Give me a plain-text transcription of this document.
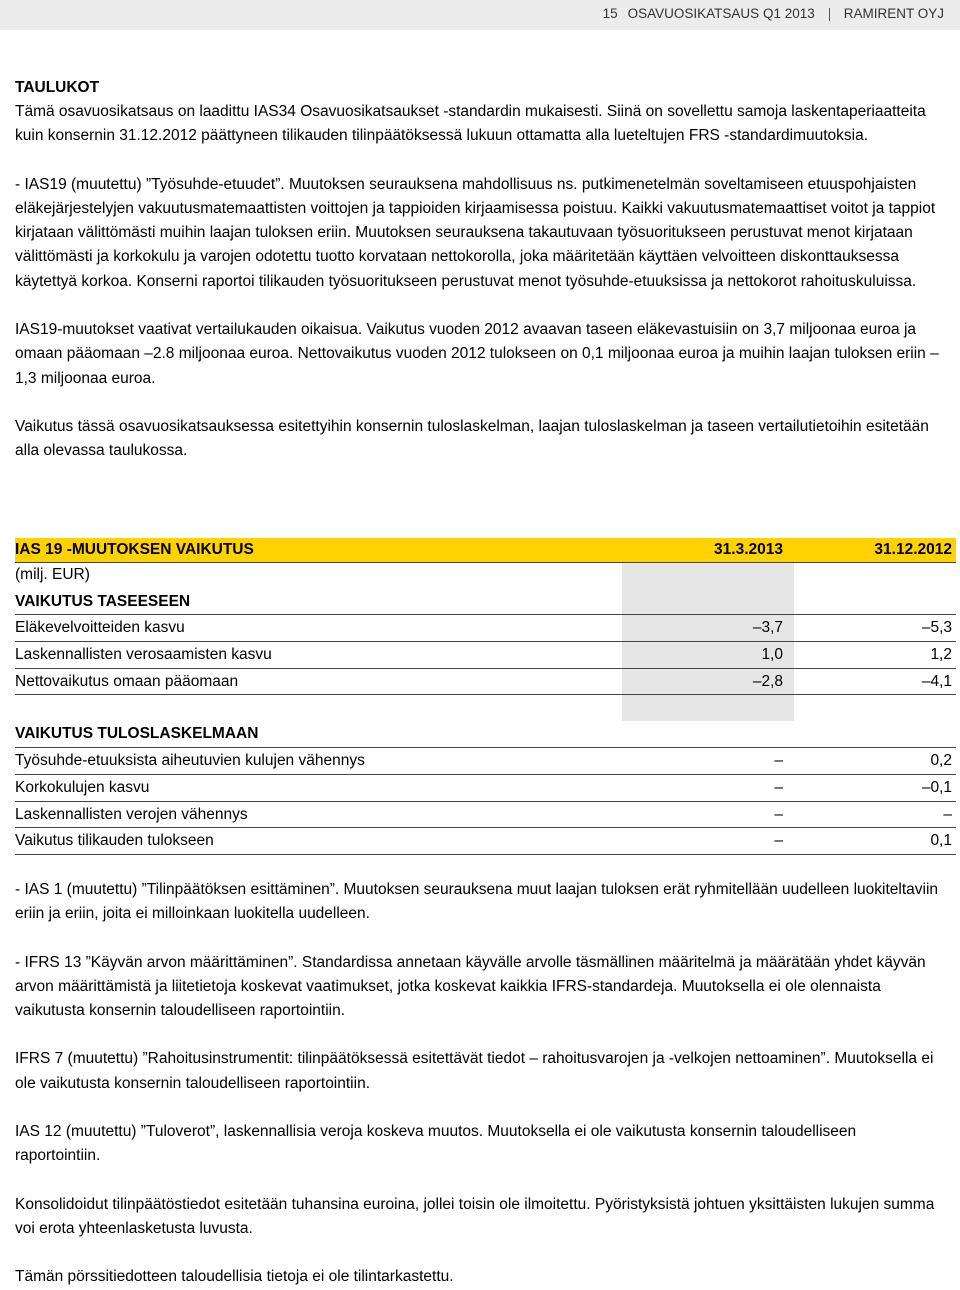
15 OSAVUOSIKATSAUS Q1 2013 RAMIRENT OYJ
TAULUKOT

Tämä osavuosikatsaus on laadittu IAS34 Osavuosikatsaukset -standardin mukaisesti. Siinä on sovellettu samoja laskentaperiaatteita kuin konsernin 31.12.2012 päättyneen tilikauden tilinpäätöksessä lukuun ottamatta alla lueteltujen FRS -standardimuutoksia.

- IAS19 (muutettu) ”Työsuhde-etuudet”. Muutoksen seurauksena mahdollisuus ns. putkimenetelmän soveltamiseen etuuspohjaisten eläkejärjestelyjen vakuutusmatemaattisten voittojen ja tappioiden kirjaamisessa poistuu. Kaikki vakuutusmatemaattiset voitot ja tappiot kirjataan välittömästi muihin laajan tuloksen eriin. Muutoksen seurauksena takautuvaan työsuoritukseen perustuvat menot kirjataan välittömästi ja korkokulu ja varojen odotettu tuotto korvataan nettokorolla, joka määritetään käyttäen velvoitteen diskonttauksessa käytettyä korkoa. Konserni raportoi tilikauden työsuoritukseen perustuvat menot työsuhde-etuuksissa ja nettokorot rahoituskuluissa.

IAS19-muutokset vaativat vertailukauden oikaisua. Vaikutus vuoden 2012 avaavan taseen eläkevastuisiin on 3,7 miljoonaa euroa ja omaan pääomaan –2.8 miljoonaa euroa. Nettovaikutus vuoden 2012 tulokseen on 0,1 miljoonaa euroa ja muihin laajan tuloksen eriin –1,3 miljoonaa euroa.

Vaikutus tässä osavuosikatsauksessa esitettyihin konsernin tuloslaskelman, laajan tuloslaskelman ja taseen vertailutietoihin esitetään alla olevassa taulukossa.

IAS 19 -MUUTOKSEN VAIKUTUS	31.3.2013	31.12.2012
(milj. EUR)
VAIKUTUS TASEESEEN
Eläkevelvoitteiden kasvu	–3,7	–5,3
Laskennallisten verosaamisten kasvu	1,0	1,2
Nettovaikutus omaan pääomaan	–2,8	–4,1
VAIKUTUS TULOSLASKELMAAN
Työsuhde-etuuksista aiheutuvien kulujen vähennys	–	0,2
Korkokulujen kasvu	–	–0,1
Laskennallisten verojen vähennys	–	–
Vaikutus tilikauden tulokseen	–	0,1

- IAS 1 (muutettu) ”Tilinpäätöksen esittäminen”. Muutoksen seurauksena muut laajan tuloksen erät ryhmitellään uudelleen luokiteltaviin eriin ja eriin, joita ei milloinkaan luokitella uudelleen.

- IFRS 13 ”Käyvän arvon määrittäminen”. Standardissa annetaan käyvälle arvolle täsmällinen määritelmä ja määrätään yhdet käyvän arvon määrittämistä ja liitetietoja koskevat vaatimukset, jotka koskevat kaikkia IFRS-standardeja. Muutoksella ei ole olennaista vaikutusta konsernin taloudelliseen raportointiin.

IFRS 7 (muutettu) ”Rahoitusinstrumentit: tilinpäätöksessä esitettävät tiedot – rahoitusvarojen ja -velkojen nettoaminen”. Muutoksella ei ole vaikutusta konsernin taloudelliseen raportointiin.

IAS 12 (muutettu) ”Tuloverot”, laskennallisia veroja koskeva muutos. Muutoksella ei ole vaikutusta konsernin taloudelliseen raportointiin.

Konsolidoidut tilinpäätöstiedot esitetään tuhansina euroina, jollei toisin ole ilmoitettu. Pyöristyksistä johtuen yksittäisten lukujen summa voi erota yhteenlasketusta luvusta.

Tämän pörssitiedotteen taloudellisia tietoja ei ole tilintarkastettu.
